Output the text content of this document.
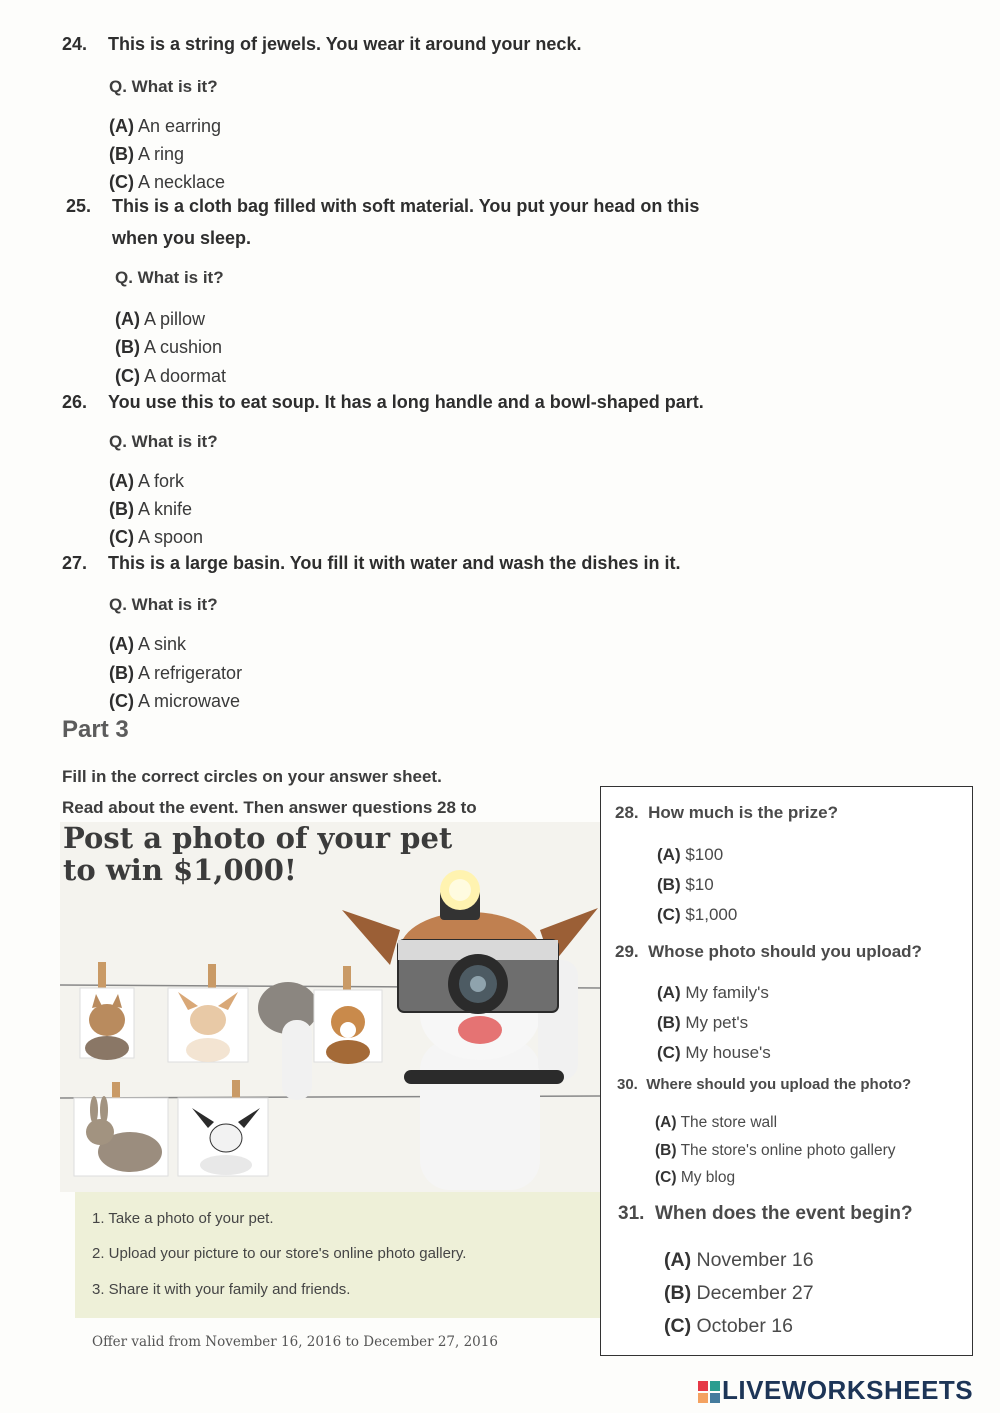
24. This is a string of jewels. You wear it around your neck.
Q. What is it?
(A) An earring
(B) A ring
(C) A necklace
25. This is a cloth bag filled with soft material. You put your head on this
when you sleep.
Q. What is it?
(A) A pillow
(B) A cushion
(C) A doormat
26. You use this to eat soup. It has a long handle and a bowl-shaped part.
Q. What is it?
(A) A fork
(B) A knife
(C) A spoon
27. This is a large basin. You fill it with water and wash the dishes in it.
Q. What is it?
(A) A sink
(B) A refrigerator
(C) A microwave
Part 3
Fill in the correct circles on your answer sheet.
Read about the event. Then answer questions 28 to
Post a photo of your pet
to win $1,000!
1. Take a photo of your pet.
2. Upload your picture to our store's online photo gallery.
3. Share it with your family and friends.
Offer valid from November 16, 2016 to December 27, 2016
28. How much is the prize?
(A) $100
(B) $10
(C) $1,000
29. Whose photo should you upload?
(A) My family's
(B) My pet's
(C) My house's
30. Where should you upload the photo?
(A) The store wall
(B) The store's online photo gallery
(C) My blog
31. When does the event begin?
(A) November 16
(B) December 27
(C) October 16
LIVEWORKSHEETS
